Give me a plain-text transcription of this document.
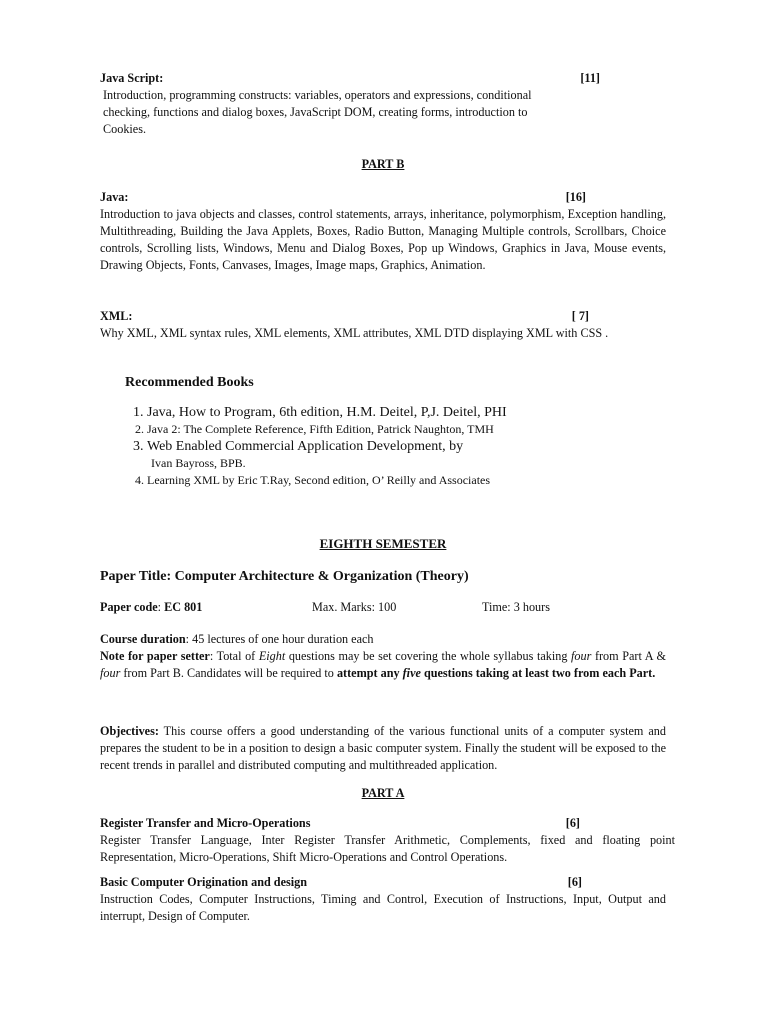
Java Script:	[11]
Introduction, programming constructs: variables, operators and expressions, conditional checking, functions and dialog boxes, JavaScript DOM, creating forms, introduction to Cookies.
PART B
Java:	[16]
Introduction to java objects and classes, control statements, arrays, inheritance, polymorphism, Exception handling, Multithreading, Building the Java Applets, Boxes, Radio Button, Managing Multiple controls, Scrollbars, Choice controls, Scrolling lists, Windows, Menu and Dialog Boxes, Pop up Windows, Graphics in Java, Mouse events, Drawing Objects, Fonts, Canvases, Images, Image maps, Graphics, Animation.
XML:	[ 7]
Why XML, XML syntax rules, XML elements, XML attributes, XML DTD displaying XML with CSS .
Recommended Books
1. Java, How to Program, 6th edition, H.M. Deitel, P,J. Deitel, PHI
2. Java 2: The Complete Reference, Fifth Edition, Patrick Naughton, TMH
3. Web Enabled Commercial Application Development, by
Ivan Bayross, BPB.
4. Learning XML by Eric T.Ray, Second edition, O’ Reilly and Associates
EIGHTH SEMESTER
Paper Title: Computer Architecture & Organization (Theory)
Paper code: EC 801	Max. Marks: 100	Time: 3 hours
Course duration: 45 lectures of one hour duration each
Note for paper setter: Total of Eight questions may be set covering the whole syllabus taking four from Part A & four from Part B. Candidates will be required to attempt any five questions taking at least two from each Part.
Objectives: This course offers a good understanding of the various functional units of a computer system and prepares the student to be in a position to design a basic computer system. Finally the student will be exposed to the recent trends in parallel and distributed computing and multithreaded application.
PART A
Register Transfer and Micro-Operations	[6]
Register Transfer Language, Inter Register Transfer Arithmetic, Complements, fixed and floating point Representation, Micro-Operations, Shift Micro-Operations and Control Operations.
Basic Computer Origination and design	[6]
Instruction Codes, Computer Instructions, Timing and Control, Execution of Instructions, Input, Output and interrupt, Design of Computer.
